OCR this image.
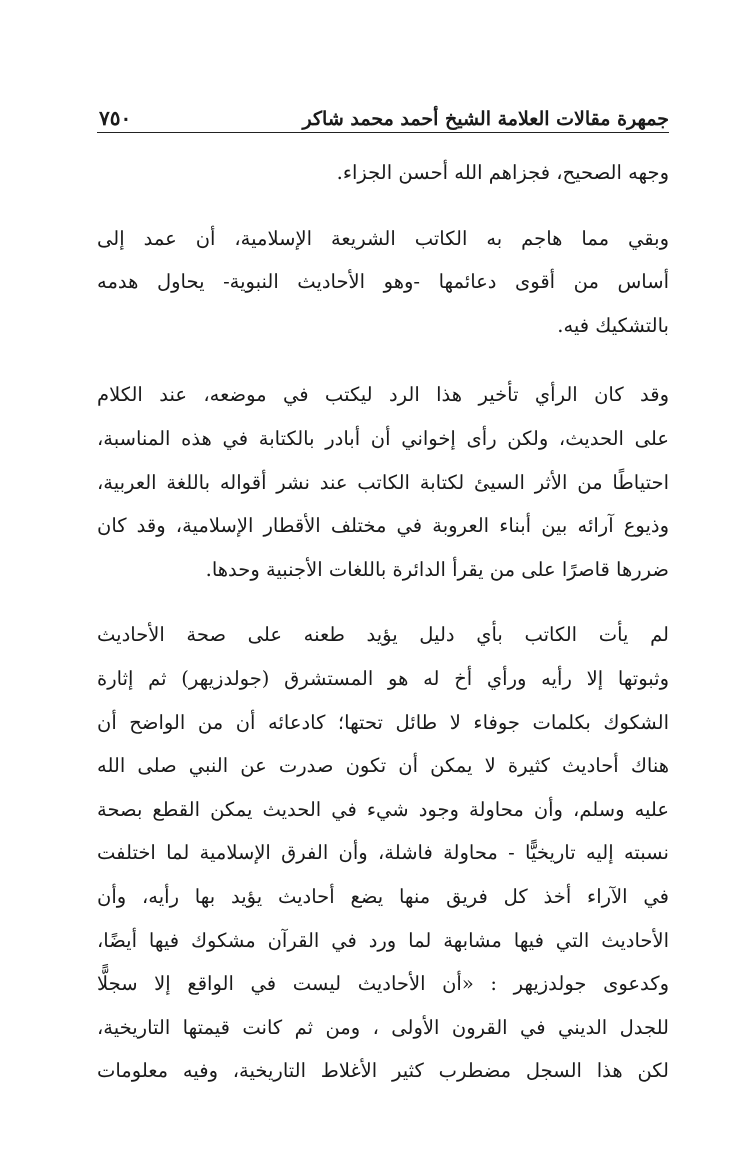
جمهرة مقالات العلامة الشيخ أحمد محمد شاكر
٧٥٠

وجهه الصحيح، فجزاهم الله أحسن الجزاء.

وبقي مما هاجم به الكاتب الشريعة الإسلامية، أن عمد إلى
أساس من أقوى دعائمها -وهو الأحاديث النبوية- يحاول هدمه
بالتشكيك فيه.

وقد كان الرأي تأخير هذا الرد ليكتب في موضعه، عند الكلام
على الحديث، ولكن رأى إخواني أن أبادر بالكتابة في هذه المناسبة،
احتياطًا من الأثر السيئ لكتابة الكاتب عند نشر أقواله باللغة العربية،
وذيوع آرائه بين أبناء العروبة في مختلف الأقطار الإسلامية، وقد كان
ضررها قاصرًا على من يقرأ الدائرة باللغات الأجنبية وحدها.

لم يأت الكاتب بأي دليل يؤيد طعنه على صحة الأحاديث
وثبوتها إلا رأيه ورأي أخ له هو المستشرق (جولدزيهر) ثم إثارة
الشكوك بكلمات جوفاء لا طائل تحتها؛ كادعائه أن من الواضح أن
هناك أحاديث كثيرة لا يمكن أن تكون صدرت عن النبي صلى الله
عليه وسلم، وأن محاولة وجود شيء في الحديث يمكن القطع بصحة
نسبته إليه تاريخيًّا - محاولة فاشلة، وأن الفرق الإسلامية لما اختلفت
في الآراء أخذ كل فريق منها يضع أحاديث يؤيد بها رأيه، وأن
الأحاديث التي فيها مشابهة لما ورد في القرآن مشكوك فيها أيضًا،
وكدعوى جولدزيهر : «أن الأحاديث ليست في الواقع إلا سجلًّا
للجدل الديني في القرون الأولى ، ومن ثم كانت قيمتها التاريخية،
لكن هذا السجل مضطرب كثير الأغلاط التاريخية، وفيه معلومات
